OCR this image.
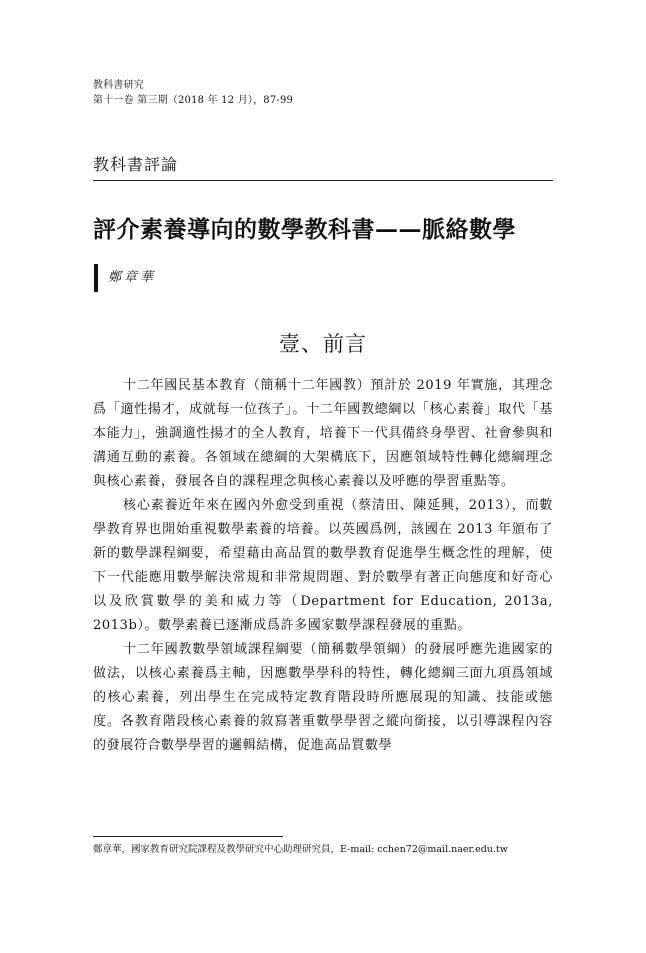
教科書研究
第十一卷 第三期（2018 年 12 月），87-99
教科書評論
評介素養導向的數學教科書——脈絡數學
鄭章華
壹、前言

十二年國民基本教育（簡稱十二年國教）預計於 2019 年實施，其理念爲「適性揚才，成就每一位孩子」。十二年國教總綱以「核心素養」取代「基本能力」，強調適性揚才的全人教育，培養下一代具備終身學習、社會參與和溝通互動的素養。各領域在總綱的大架構底下，因應領域特性轉化總綱理念與核心素養，發展各自的課程理念與核心素養以及呼應的學習重點等。

核心素養近年來在國內外愈受到重視（蔡清田、陳延興，2013），而數學教育界也開始重視數學素養的培養。以英國爲例，該國在 2013 年頒布了新的數學課程綱要，希望藉由高品質的數學教育促進學生概念性的理解，使下一代能應用數學解決常規和非常規問題、對於數學有著正向態度和好奇心以及欣賞數學的美和威力等（Department for Education, 2013a, 2013b）。數學素養已逐漸成爲許多國家數學課程發展的重點。

十二年國教數學領域課程綱要（簡稱數學領綱）的發展呼應先進國家的做法，以核心素養爲主軸，因應數學學科的特性，轉化總綱三面九項爲領域的核心素養，列出學生在完成特定教育階段時所應展現的知識、技能或態度。各教育階段核心素養的敘寫著重數學學習之縱向銜接，以引導課程內容的發展符合數學學習的邏輯結構，促進高品質數學

鄭章華，國家教育研究院課程及教學研究中心助理研究員，E-mail: cchen72@mail.naer.edu.tw
